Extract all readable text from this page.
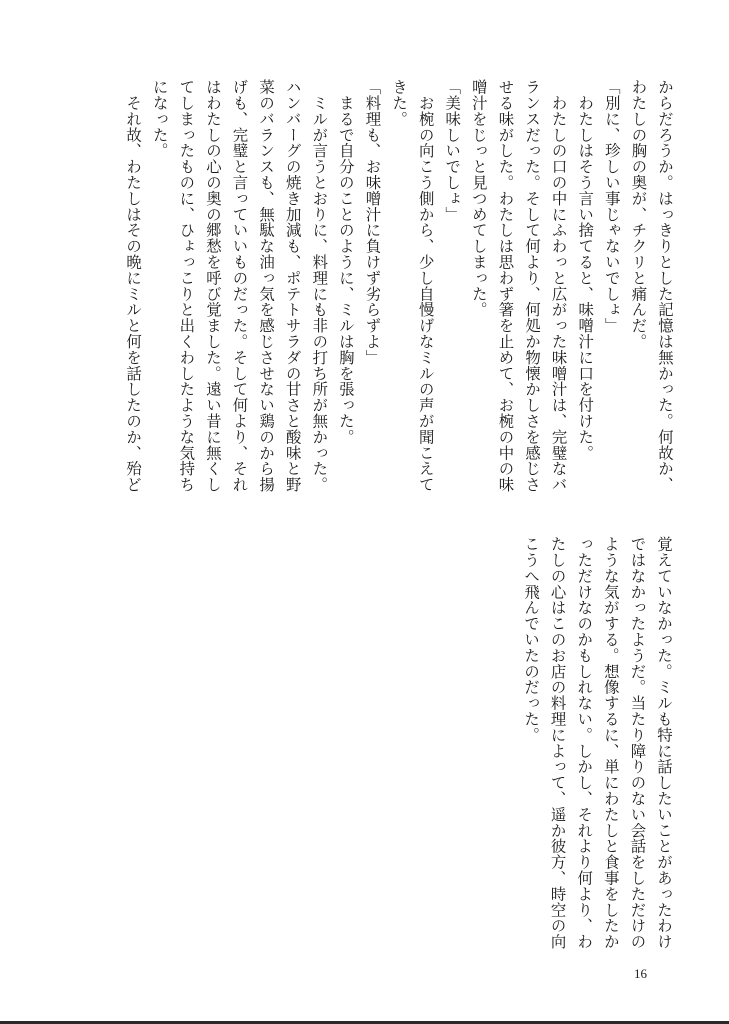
からだろうか。はっきりとした記憶は無かった。何故か、
わたしの胸の奥が、チクリと痛んだ。
「別に、珍しい事じゃないでしょ」
　わたしはそう言い捨てると、味噌汁に口を付けた。
　わたしの口の中にふわっと広がった味噌汁は、完璧なバ
ランスだった。そして何より、何処か物懐かしさを感じさ
せる味がした。わたしは思わず箸を止めて、お椀の中の味
噌汁をじっと見つめてしまった。
「美味しいでしょ」
　お椀の向こう側から、少し自慢げなミルの声が聞こえて
きた。
「料理も、お味噌汁に負けず劣らずよ」
　まるで自分のことのように、ミルは胸を張った。
　ミルが言うとおりに、料理にも非の打ち所が無かった。
ハンバーグの焼き加減も、ポテトサラダの甘さと酸味と野
菜のバランスも、無駄な油っ気を感じさせない鶏のから揚
げも、完璧と言っていいものだった。そして何より、それ
はわたしの心の奥の郷愁を呼び覚ました。遠い昔に無くし
てしまったものに、ひょっこりと出くわしたような気持ち
になった。
　それ故、わたしはその晩にミルと何を話したのか、殆ど
覚えていなかった。ミルも特に話したいことがあったわけ
ではなかったようだ。当たり障りのない会話をしただけの
ような気がする。想像するに、単にわたしと食事をしたか
っただけなのかもしれない。しかし、それより何より、わ
たしの心はこのお店の料理によって、遥か彼方、時空の向
こうへ飛んでいたのだった。
16
